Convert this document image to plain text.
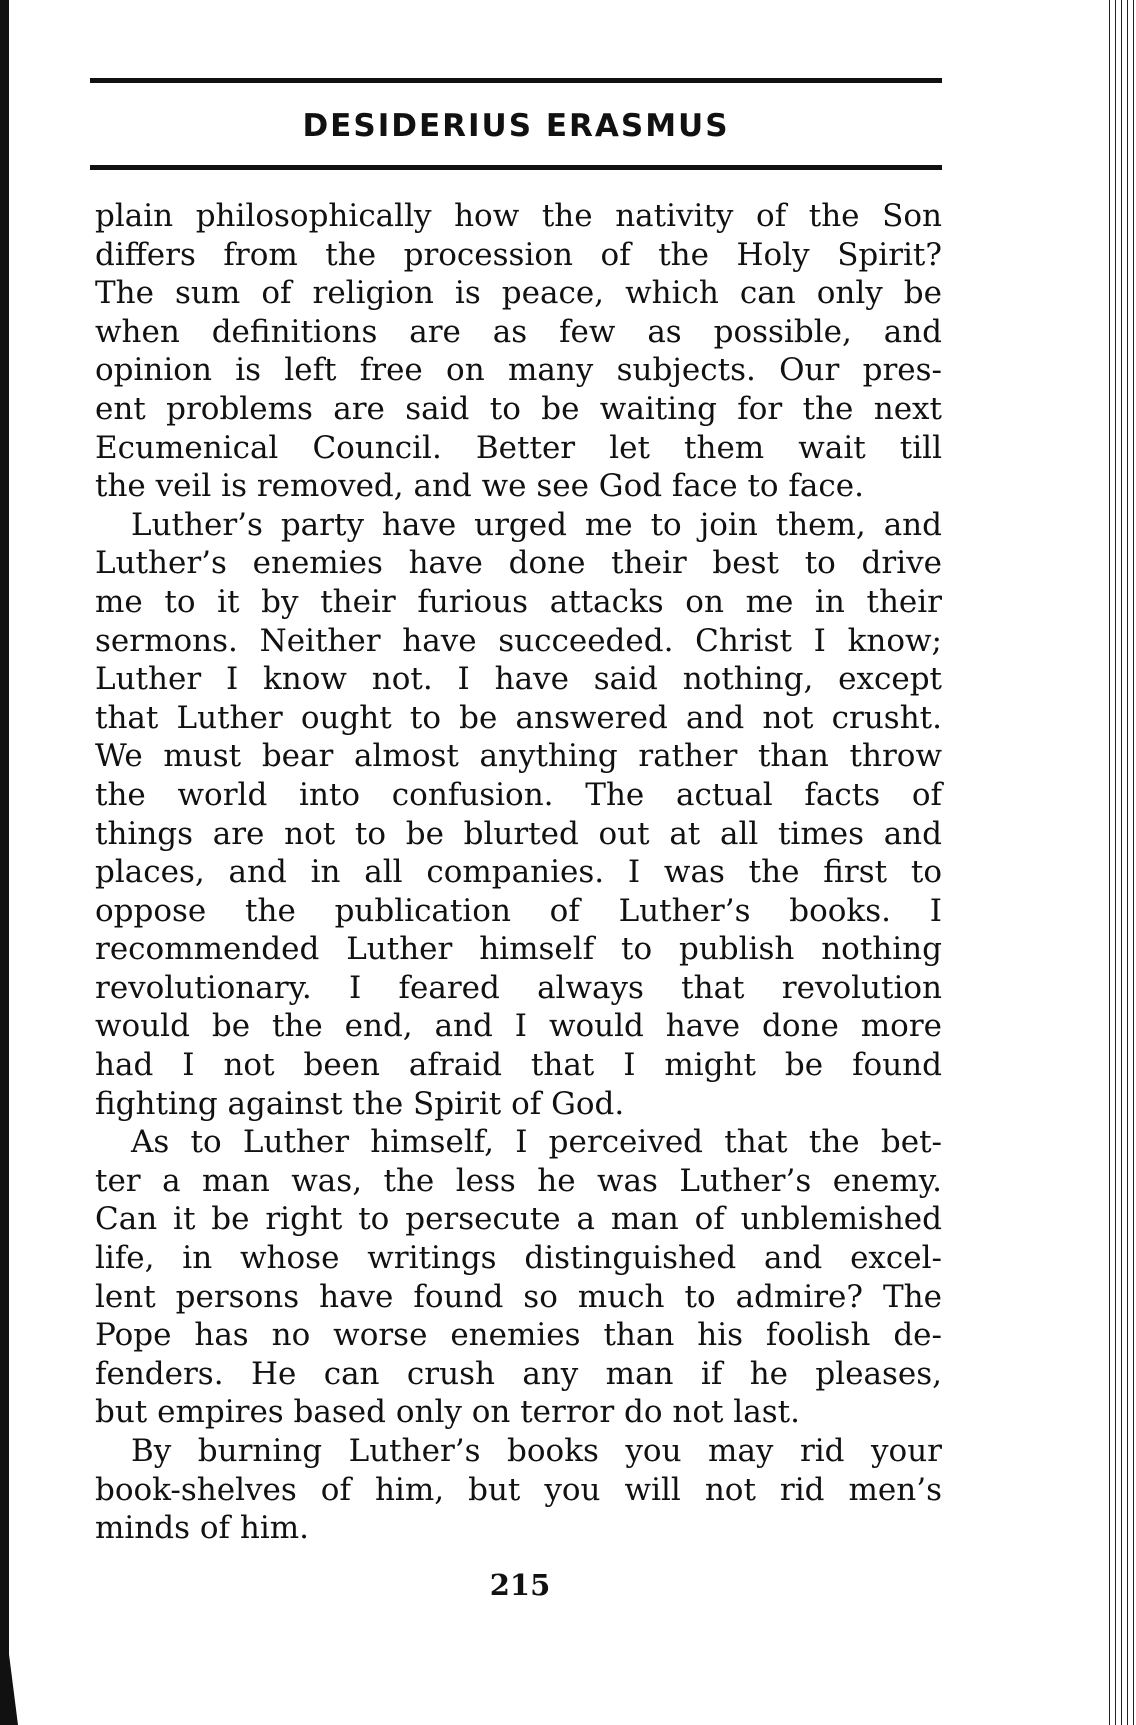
DESIDERIUS ERASMUS
plain philosophically how the nativity of the Son
differs from the procession of the Holy Spirit?
The sum of religion is peace, which can only be
when definitions are as few as possible, and
opinion is left free on many subjects. Our pres-
ent problems are said to be waiting for the next
Ecumenical Council. Better let them wait till
the veil is removed, and we see God face to face.
Luther’s party have urged me to join them, and
Luther’s enemies have done their best to drive
me to it by their furious attacks on me in their
sermons. Neither have succeeded. Christ I know;
Luther I know not. I have said nothing, except
that Luther ought to be answered and not crusht.
We must bear almost anything rather than throw
the world into confusion. The actual facts of
things are not to be blurted out at all times and
places, and in all companies. I was the first to
oppose the publication of Luther’s books. I
recommended Luther himself to publish nothing
revolutionary. I feared always that revolution
would be the end, and I would have done more
had I not been afraid that I might be found
fighting against the Spirit of God.
As to Luther himself, I perceived that the bet-
ter a man was, the less he was Luther’s enemy.
Can it be right to persecute a man of unblemished
life, in whose writings distinguished and excel-
lent persons have found so much to admire? The
Pope has no worse enemies than his foolish de-
fenders. He can crush any man if he pleases,
but empires based only on terror do not last.
By burning Luther’s books you may rid your
book-shelves of him, but you will not rid men’s
minds of him.
215
